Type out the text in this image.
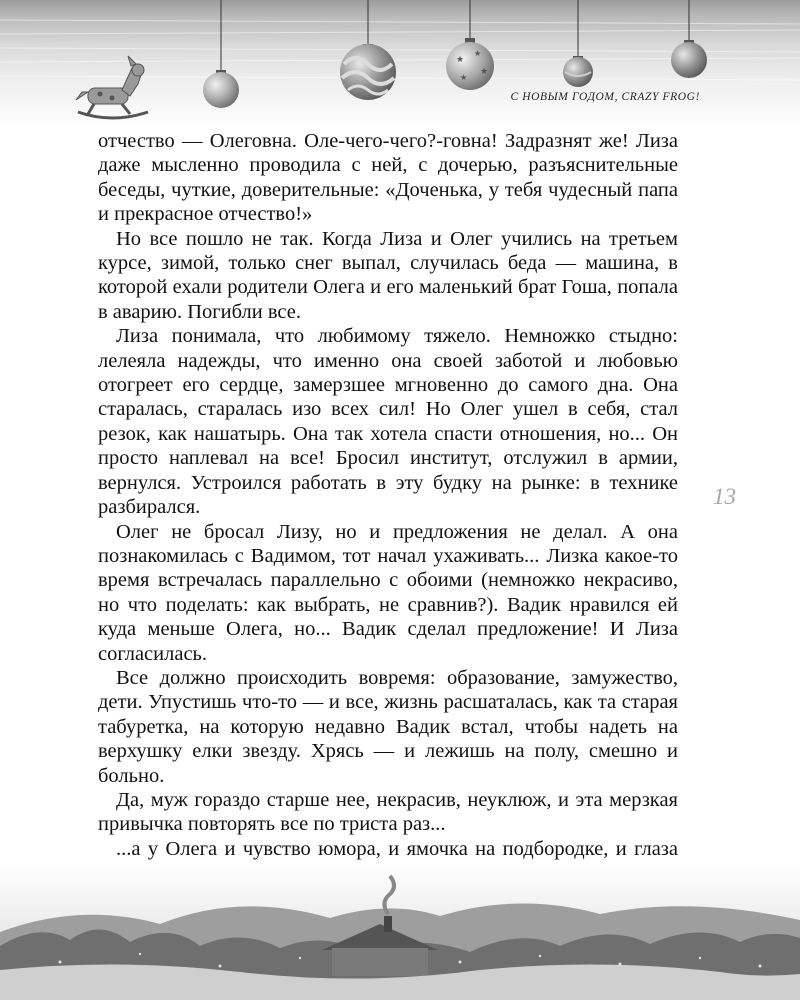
★
★
★
★
С НОВЫМ ГОДОМ, CRAZY FROG!

отчество — Олеговна. Оле-чего-чего?-говна! Задразнят же! Лиза даже мысленно проводила с ней, с дочерью, разъяснительные беседы, чуткие, доверительные: «Доченька, у тебя чудесный папа и прекрасное отчество!»

Но все пошло не так. Когда Лиза и Олег учились на третьем курсе, зимой, только снег выпал, случилась беда — машина, в которой ехали родители Олега и его маленький брат Гоша, попала в аварию. Погибли все.

Лиза понимала, что любимому тяжело. Немножко стыдно: лелеяла надежды, что именно она своей заботой и любовью отогреет его сердце, замерзшее мгновенно до самого дна. Она старалась, старалась изо всех сил! Но Олег ушел в себя, стал резок, как нашатырь. Она так хотела спасти отношения, но... Он просто наплевал на все! Бросил институт, отслужил в армии, вернулся. Устроился работать в эту будку на рынке: в технике разбирался.

Олег не бросал Лизу, но и предложения не делал. А она познакомилась с Вадимом, тот начал ухаживать... Лизка какое-то время встречалась параллельно с обоими (немножко некрасиво, но что поделать: как выбрать, не сравнив?). Вадик нравился ей куда меньше Олега, но... Вадик сделал предложение! И Лиза согласилась.

Все должно происходить вовремя: образование, замужество, дети. Упустишь что-то — и все, жизнь расшаталась, как та старая табуретка, на которую недавно Вадик встал, чтобы надеть на верхушку елки звезду. Хрясь — и лежишь на полу, смешно и больно.

Да, муж гораздо старше нее, некрасив, неуклюж, и эта мерзкая привычка повторять все по триста раз...

...а у Олега и чувство юмора, и ямочка на подбородке, и глаза

13
